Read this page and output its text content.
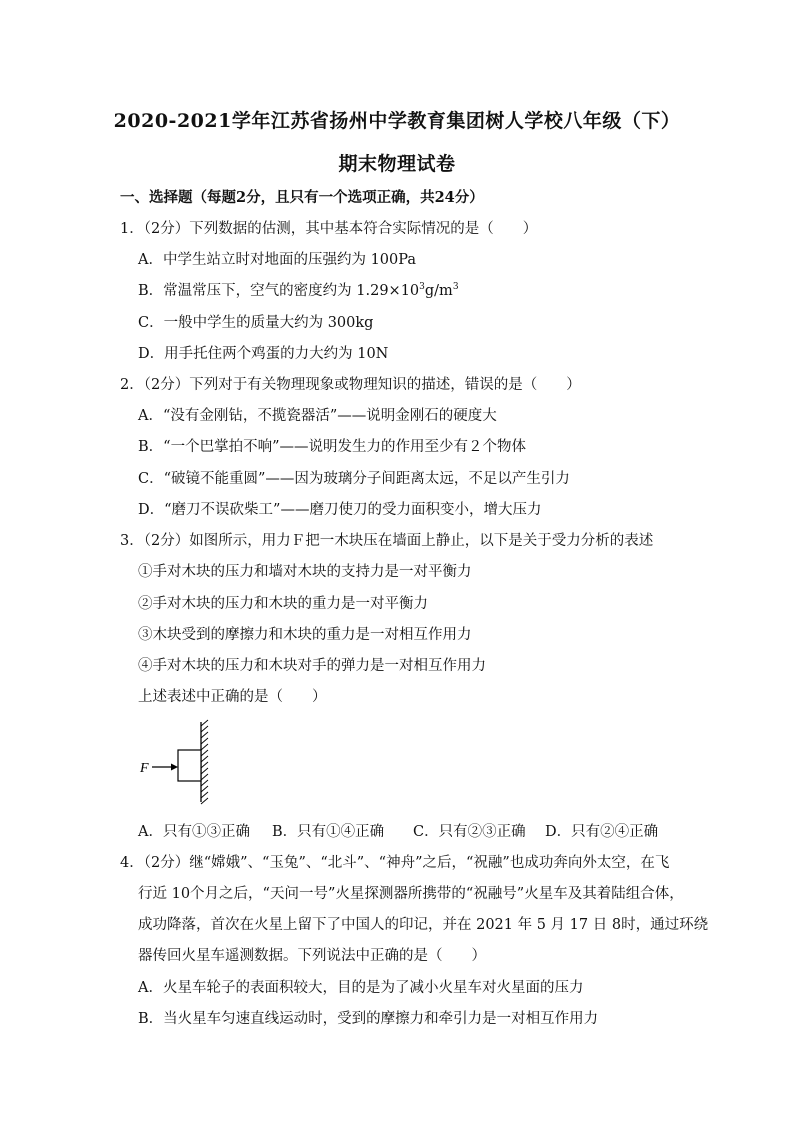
2020-2021学年江苏省扬州中学教育集团树人学校八年级（下）
期末物理试卷
一、选择题（每题2分，且只有一个选项正确，共24分）
1．（2分）下列数据的估测，其中基本符合实际情况的是（　　）
A．中学生站立时对地面的压强约为 100Pa
B．常温常压下，空气的密度约为 $1.29\times 10^3g/m^3$
C．一般中学生的质量大约为 300kg
D．用手托住两个鸡蛋的力大约为 10N
2．（2分）下列对于有关物理现象或物理知识的描述，错误的是（　　）
A．“没有金刚钻，不揽瓷器活”——说明金刚石的硬度大
B．“一个巴掌拍不响”——说明发生力的作用至少有２个物体
C．“破镜不能重圆”——因为玻璃分子间距离太远，不足以产生引力
D．“磨刀不误砍柴工”——磨刀使刀的受力面积变小，增大压力
3．（2分）如图所示，用力Ｆ把一木块压在墙面上静止，以下是关于受力分析的表述
①手对木块的压力和墙对木块的支持力是一对平衡力
②手对木块的压力和木块的重力是一对平衡力
③木块受到的摩擦力和木块的重力是一对相互作用力
④手对木块的压力和木块对手的弹力是一对相互作用力
上述表述中正确的是（　　）
F
A．只有①③正确 B．只有①④正确 C．只有②③正确 D．只有②④正确
4．（2分）继“嫦娥”、“玉兔”、“北斗”、“神舟”之后，“祝融”也成功奔向外太空，在飞
行近 10个月之后，“天问一号”火星探测器所携带的“祝融号”火星车及其着陆组合体，
成功降落，首次在火星上留下了中国人的印记，并在 2021 年 5 月 17 日 8时，通过环绕
器传回火星车遥测数据。下列说法中正确的是（　　）
A．火星车轮子的表面积较大，目的是为了减小火星车对火星面的压力
B．当火星车匀速直线运动时，受到的摩擦力和牵引力是一对相互作用力
